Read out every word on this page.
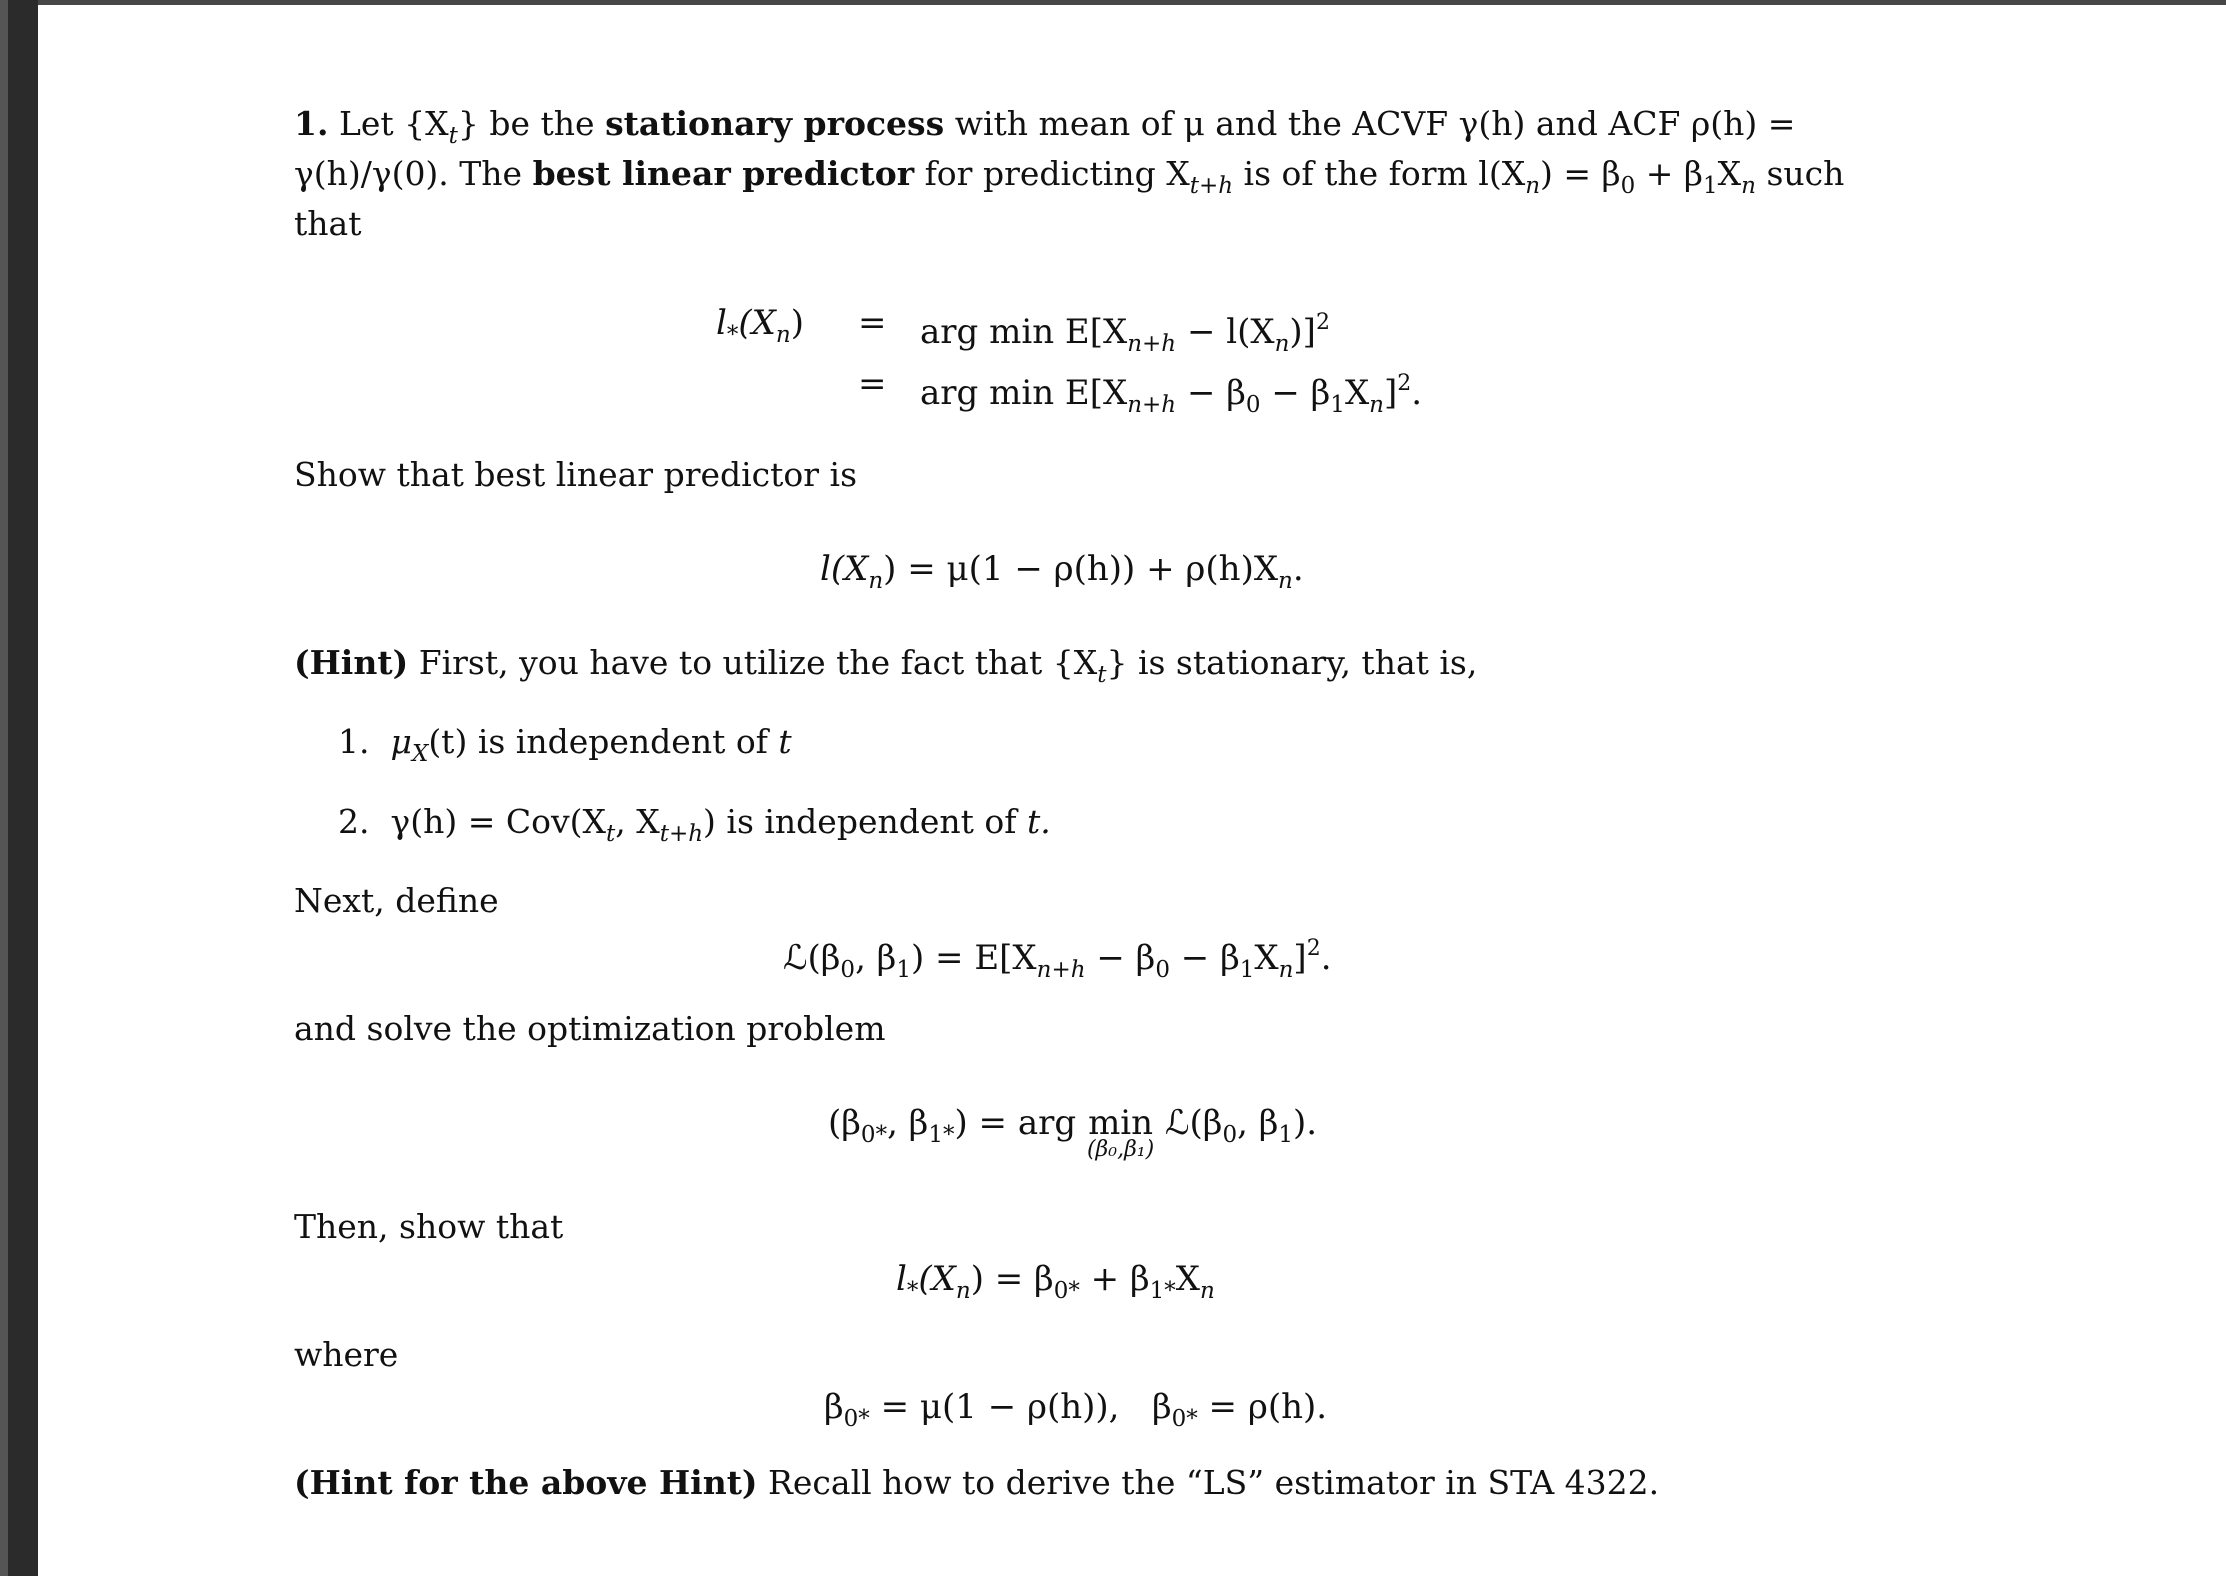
1. Let $\{X_t\}$ be the stationary process with mean of μ and the ACVF γ(h) and ACF ρ(h) =
γ(h)/γ(0). The best linear predictor for predicting $X_{t+h}$ is of the form $l(X_n) = \beta_0 + \beta_1X_n$ such
that
$l_*(X_n)$ = arg $\min E[X_{n+h} - l(X_n)]^2$
= arg $\min E[X_{n+h} - \beta_0 - \beta_1X_n]^2$.
Show that best linear predictor is
$l(X_n) = \mu(1 - \rho(h)) + \rho(h)X_n$.
(Hint) First, you have to utilize the fact that $\{X_t\}$ is stationary, that is,
1. $\mu_X(t)$ is independent of t
2. $\gamma(h) = Cov(X_t$, $X_{t+h}$) is independent of t.
Next, define
$ℒ(\beta_0$, $\beta_1) = E[X_{n+h} - \beta_0 - \beta_1X_n]^2$.
and solve the optimization problem
($\beta_{0*}$, $\beta_{1*}$) = arg min
(β₀,β₁)
$ℒ(\beta_0$, $\beta_1$).
Then, show that
$l_*(X_n) = \beta_{0*} + \beta_{1*}X_n$
where
$\beta_{0*} = \mu(1 - \rho(h))$, $\beta_{0*} = \rho(h)$.
(Hint for the above Hint) Recall how to derive the “LS” estimator in STA 4322.
